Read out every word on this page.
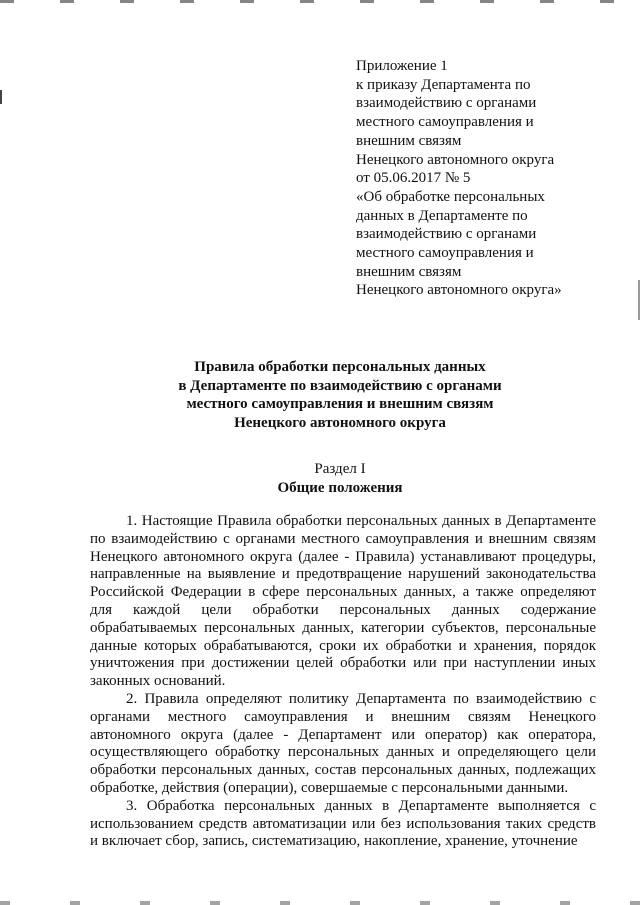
Приложение 1
к приказу Департамента по
взаимодействию с органами
местного самоуправления и
внешним связям
Ненецкого автономного округа
от 05.06.2017 № 5
«Об обработке персональных
данных в Департаменте по
взаимодействию с органами
местного самоуправления и
внешним связям
Ненецкого автономного округа»
Правила обработки персональных данных
в Департаменте по взаимодействию с органами
местного самоуправления и внешним связям
Ненецкого автономного округа
Раздел I
Общие положения

1. Настоящие Правила обработки персональных данных в Департаменте по взаимодействию с органами местного самоуправления и внешним связям Ненецкого автономного округа (далее - Правила) устанавливают процедуры, направленные на выявление и предотвращение нарушений законодательства Российской Федерации в сфере персональных данных, а также определяют для каждой цели обработки персональных данных содержание обрабатываемых персональных данных, категории субъектов, персональные данные которых обрабатываются, сроки их обработки и хранения, порядок уничтожения при достижении целей обработки или при наступлении иных законных оснований.

2. Правила определяют политику Департамента по взаимодействию с органами местного самоуправления и внешним связям Ненецкого автономного округа (далее - Департамент или оператор) как оператора, осуществляющего обработку персональных данных и определяющего цели обработки персональных данных, состав персональных данных, подлежащих обработке, действия (операции), совершаемые с персональными данными.

3. Обработка персональных данных в Департаменте выполняется с использованием средств автоматизации или без использования таких средств и включает сбор, запись, систематизацию, накопление, хранение, уточнение
